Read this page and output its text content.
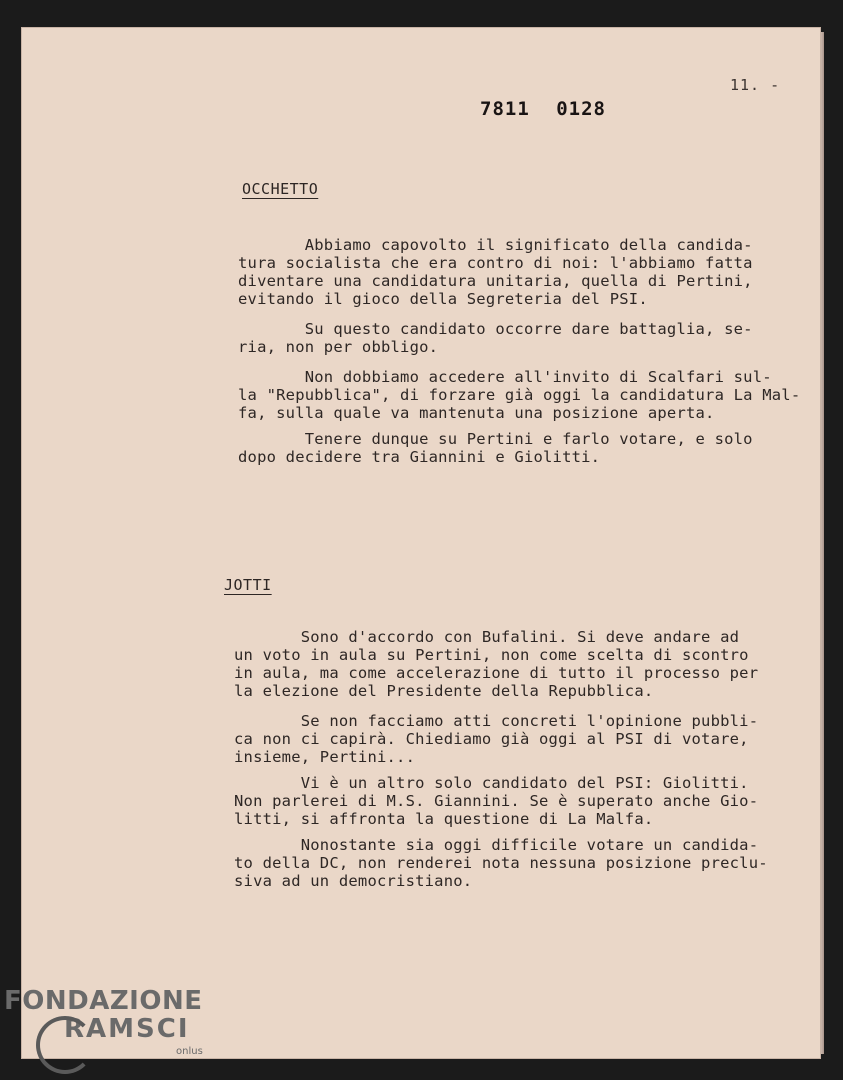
11. -
7811 0128
OCCHETTO
Abbiamo capovolto il significato della candida-
tura socialista che era contro di noi: l'abbiamo fatta
diventare una candidatura unitaria, quella di Pertini,
evitando il gioco della Segreteria del PSI.
Su questo candidato occorre dare battaglia, se-
ria, non per obbligo.
Non dobbiamo accedere all'invito di Scalfari sul-
la "Repubblica", di forzare già oggi la candidatura La Mal-
fa, sulla quale va mantenuta una posizione aperta.
Tenere dunque su Pertini e farlo votare, e solo
dopo decidere tra Giannini e Giolitti.
JOTTI
Sono d'accordo con Bufalini. Si deve andare ad
un voto in aula su Pertini, non come scelta di scontro
in aula, ma come accelerazione di tutto il processo per
la elezione del Presidente della Repubblica.
Se non facciamo atti concreti l'opinione pubbli-
ca non ci capirà. Chiediamo già oggi al PSI di votare,
insieme, Pertini...
Vi è un altro solo candidato del PSI: Giolitti.
Non parlerei di M.S. Giannini. Se è superato anche Gio-
litti, si affronta la questione di La Malfa.
Nonostante sia oggi difficile votare un candida-
to della DC, non renderei nota nessuna posizione preclu-
siva ad un democristiano.
FONDAZIONE
RAMSCI
onlus
